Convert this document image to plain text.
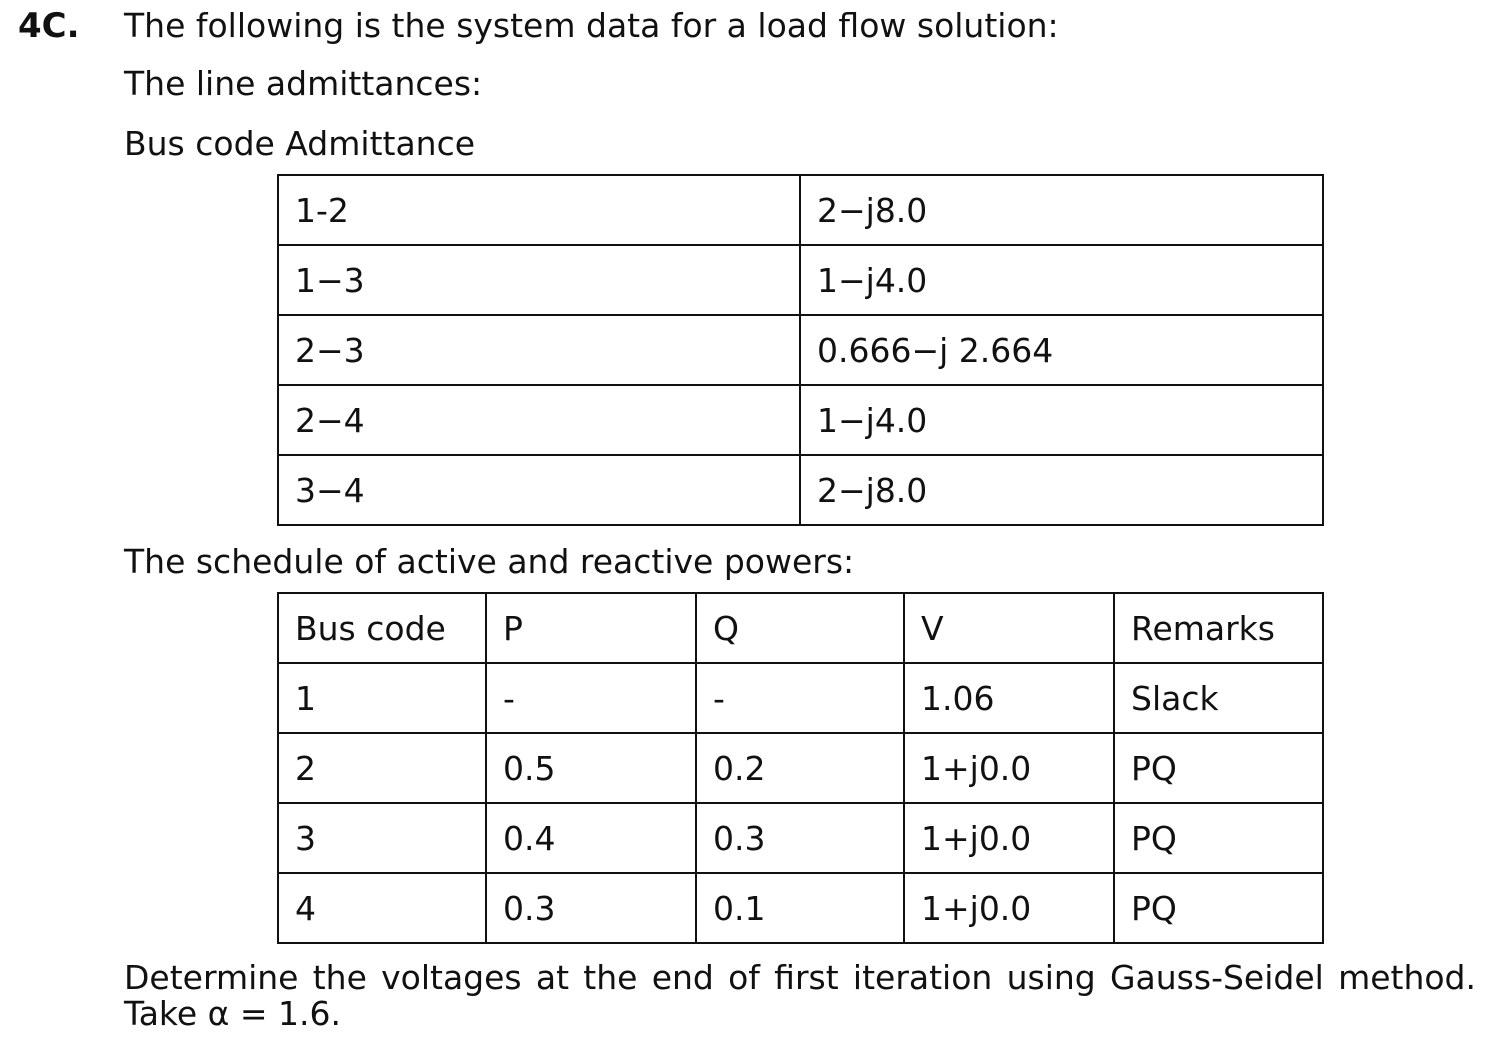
4C. The following is the system data for a load flow solution:
The line admittances:
Bus code Admittance
1-2	2−j8.0
1−3	1−j4.0
2−3	0.666−j 2.664
2−4	1−j4.0
3−4	2−j8.0
The schedule of active and reactive powers:
Bus code	P	Q	V	Remarks
1	-	-	1.06	Slack
2	0.5	0.2	1+j0.0	PQ
3	0.4	0.3	1+j0.0	PQ
4	0.3	0.1	1+j0.0	PQ
Determine the voltages at the end of first iteration using Gauss-Seidel method. Take α = 1.6.
